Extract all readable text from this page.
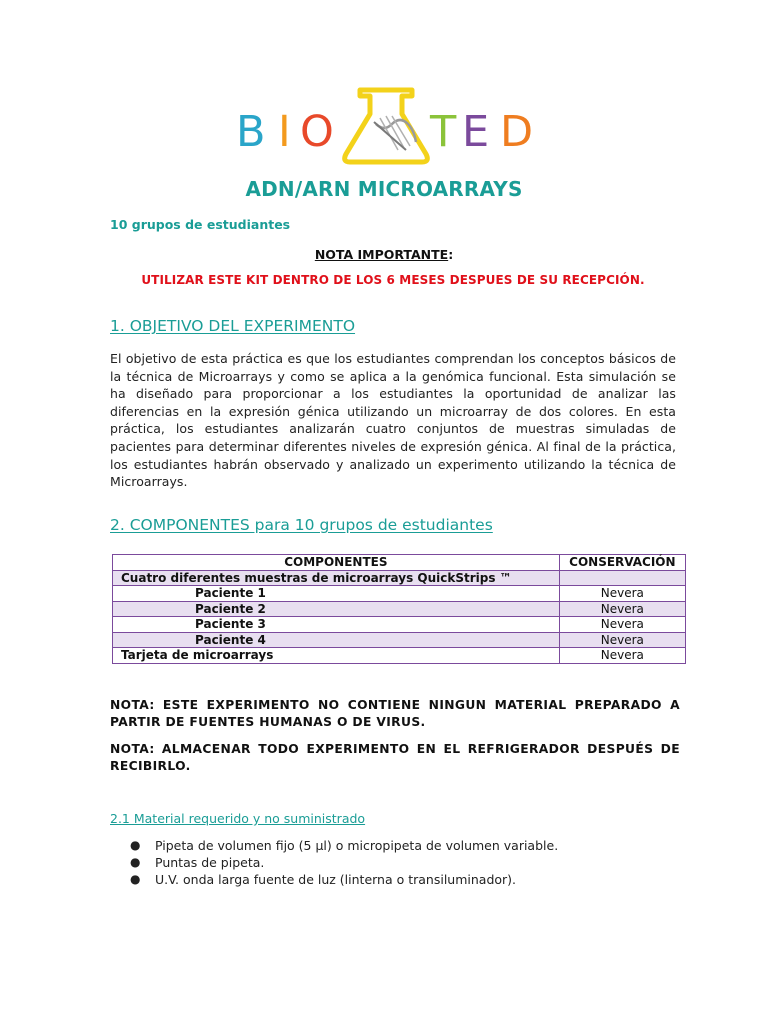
B I O T E D
ADN/ARN MICROARRAYS
10 grupos de estudiantes
NOTA IMPORTANTE:
UTILIZAR ESTE KIT DENTRO DE LOS 6 MESES DESPUES DE SU RECEPCIÓN.
1. OBJETIVO DEL EXPERIMENTO
El objetivo de esta práctica es que los estudiantes comprendan los conceptos básicos de la técnica de Microarrays y como se aplica a la genómica funcional. Esta simulación se ha diseñado para proporcionar a los estudiantes la oportunidad de analizar las diferencias en la expresión génica utilizando un microarray de dos colores. En esta práctica, los estudiantes analizarán cuatro conjuntos de muestras simuladas de pacientes para determinar diferentes niveles de expresión génica. Al final de la práctica, los estudiantes habrán observado y analizado un experimento utilizando la técnica de Microarrays.
2. COMPONENTES para 10 grupos de estudiantes
COMPONENTES	CONSERVACIÓN
Cuatro diferentes muestras de microarrays QuickStrips ™	
Paciente 1	Nevera
Paciente 2	Nevera
Paciente 3	Nevera
Paciente 4	Nevera
Tarjeta de microarrays	Nevera
NOTA: ESTE EXPERIMENTO NO CONTIENE NINGUN MATERIAL PREPARADO A PARTIR DE FUENTES HUMANAS O DE VIRUS.
NOTA: ALMACENAR TODO EXPERIMENTO EN EL REFRIGERADOR DESPUÉS DE RECIBIRLO.
2.1 Material requerido y no suministrado
● Pipeta de volumen fijo (5 µl) o micropipeta de volumen variable.
● Puntas de pipeta.
● U.V. onda larga fuente de luz (linterna o transiluminador).
